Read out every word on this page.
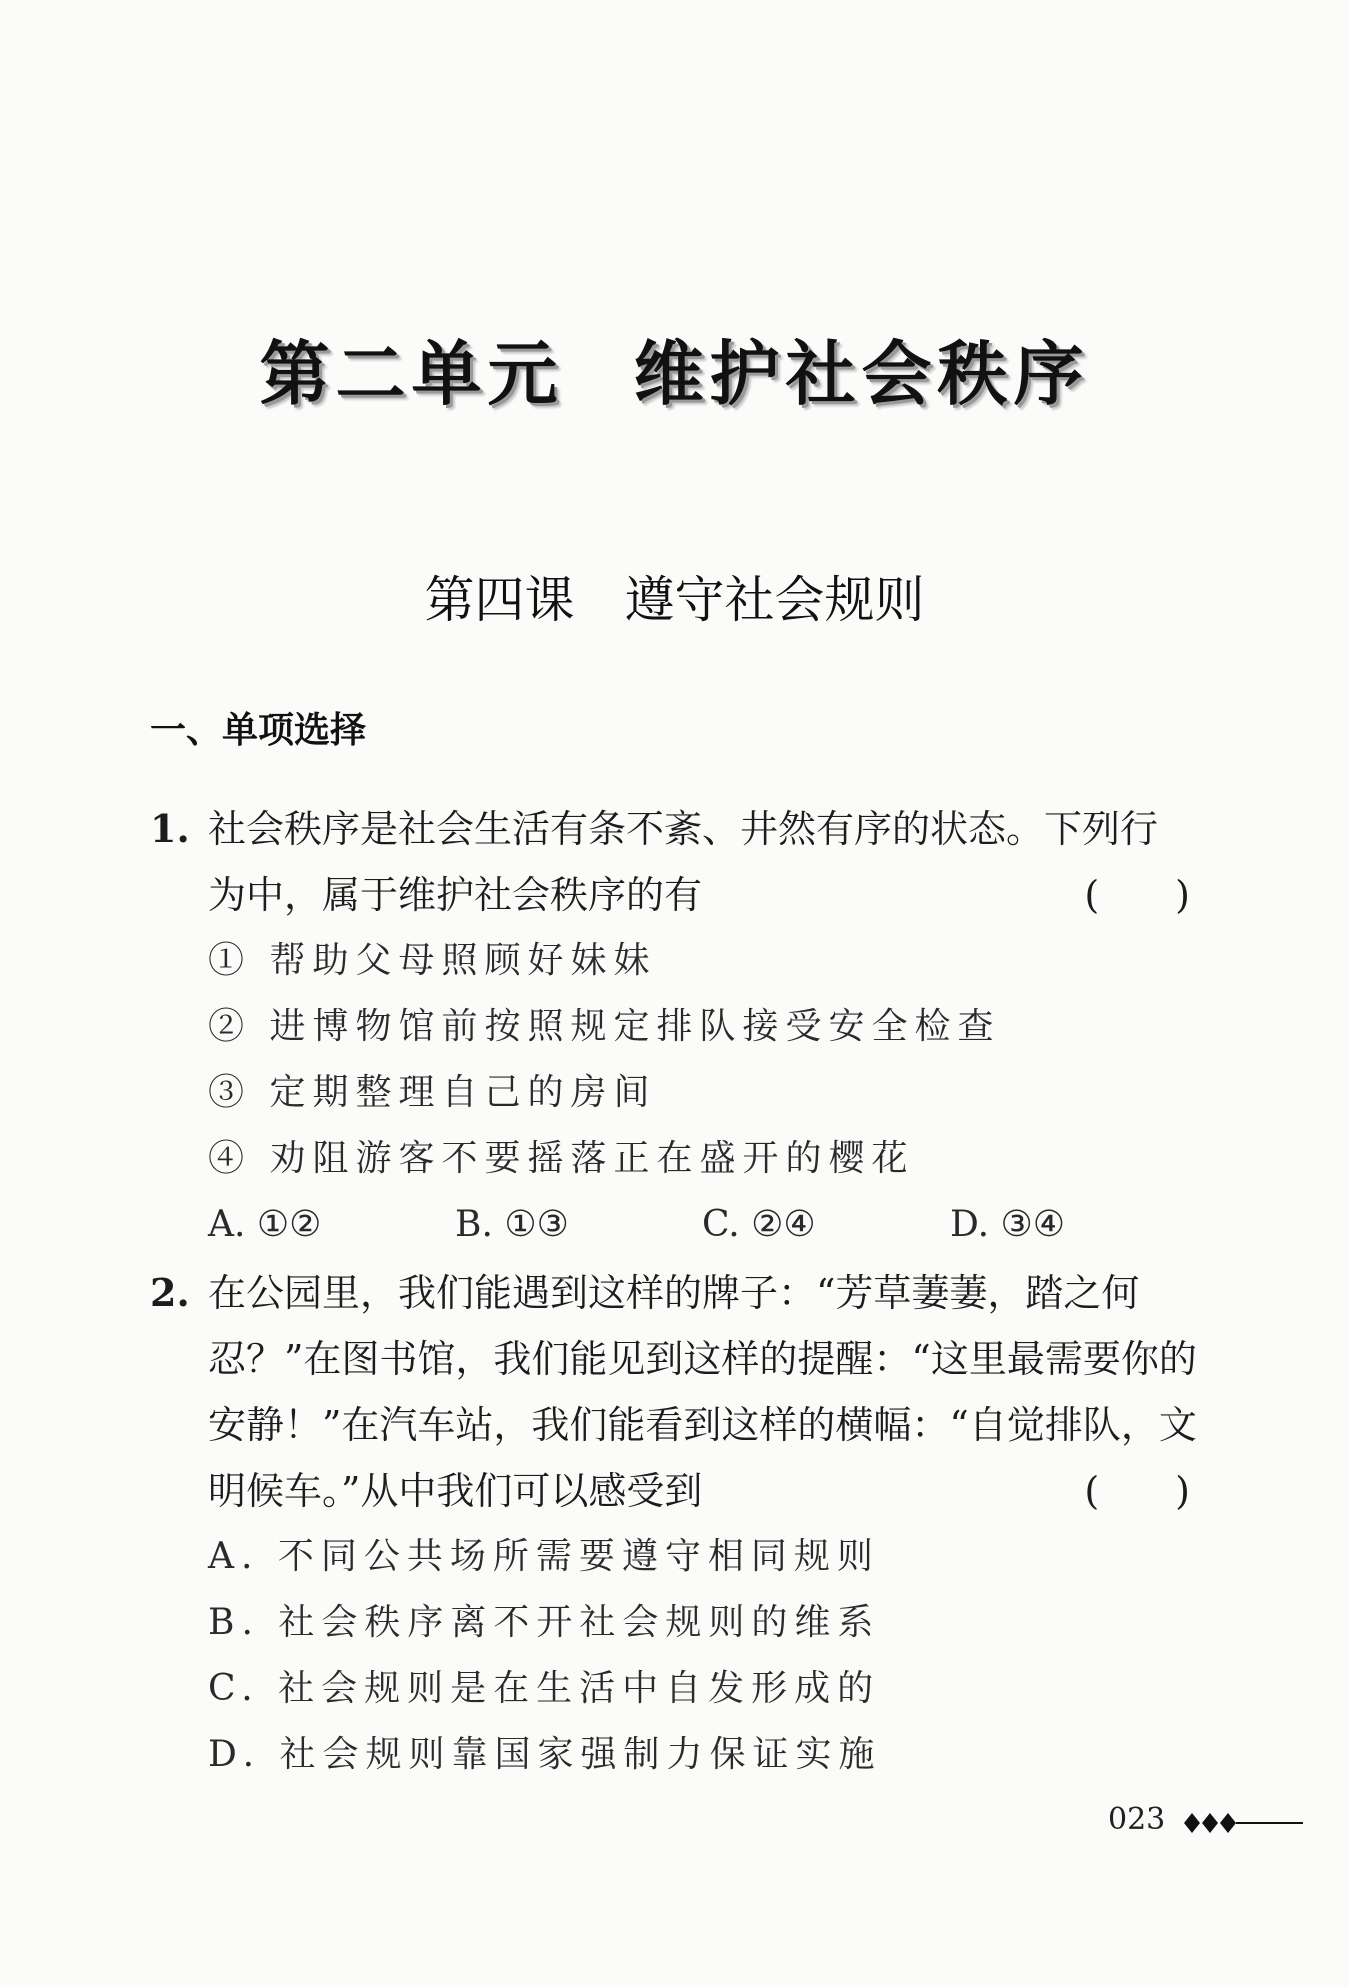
第二单元 维护社会秩序
第四课 遵守社会规则
一、单项选择
1. 社会秩序是社会生活有条不紊、井然有序的状态。下列行
为中，属于维护社会秩序的有	(　　)
① 帮助父母照顾好妹妹
② 进博物馆前按照规定排队接受安全检查
③ 定期整理自己的房间
④ 劝阻游客不要摇落正在盛开的樱花
A. ①②	B. ①③	C. ②④	D. ③④
2. 在公园里，我们能遇到这样的牌子：“芳草萋萋，踏之何
忍？”在图书馆，我们能见到这样的提醒：“这里最需要你的
安静！”在汽车站，我们能看到这样的横幅：“自觉排队，文
明候车。”从中我们可以感受到	(　　)
A. 不同公共场所需要遵守相同规则
B. 社会秩序离不开社会规则的维系
C. 社会规则是在生活中自发形成的
D. 社会规则靠国家强制力保证实施
023
